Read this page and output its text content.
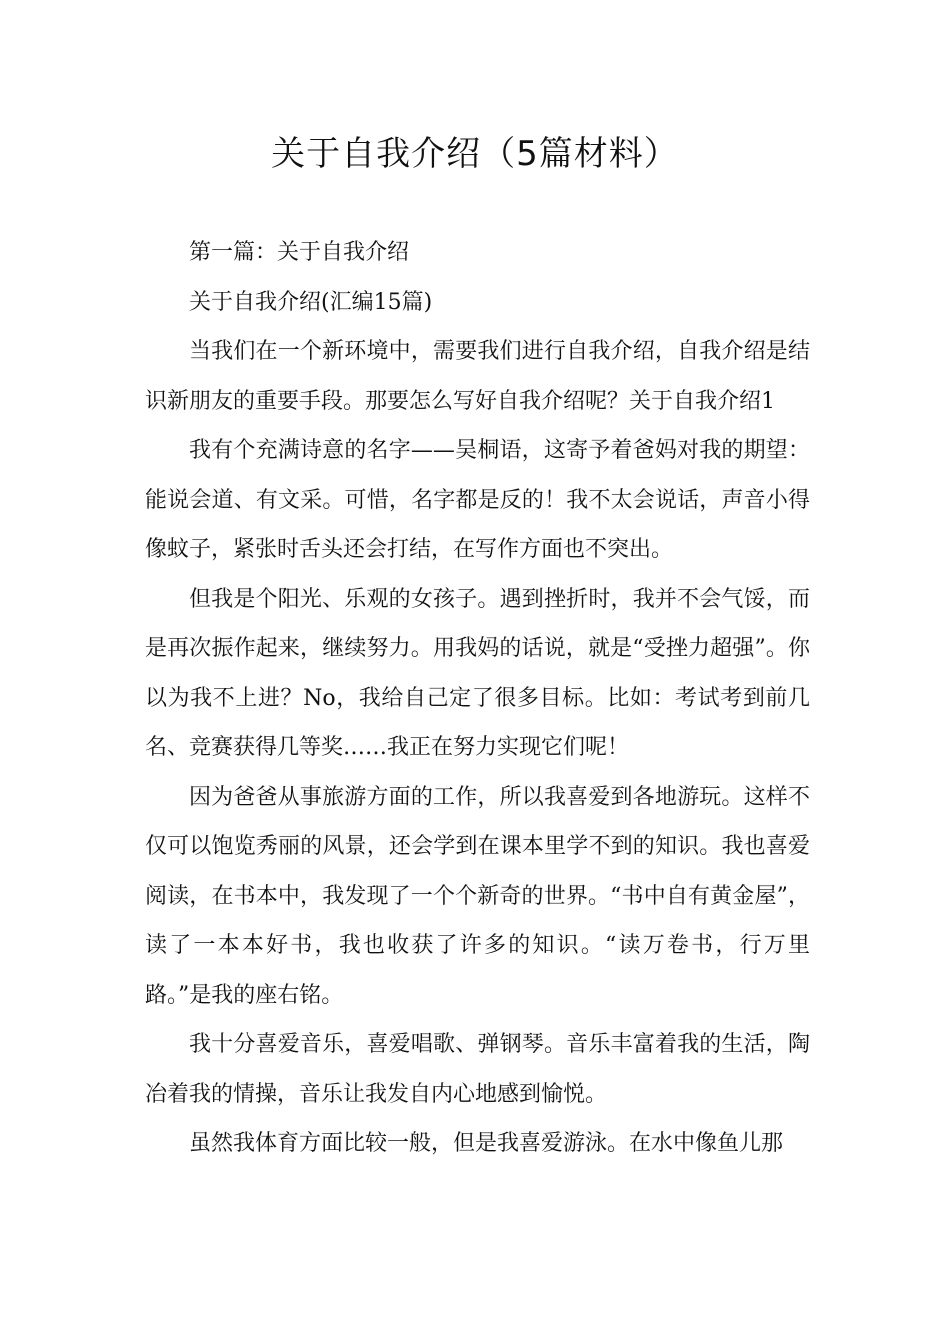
关于自我介绍（5篇材料）

第一篇：关于自我介绍

关于自我介绍(汇编15篇)

当我们在一个新环境中，需要我们进行自我介绍，自我介绍是结识新朋友的重要手段。那要怎么写好自我介绍呢？关于自我介绍1

我有个充满诗意的名字——吴桐语，这寄予着爸妈对我的期望：能说会道、有文采。可惜，名字都是反的！我不太会说话，声音小得像蚊子，紧张时舌头还会打结，在写作方面也不突出。

但我是个阳光、乐观的女孩子。遇到挫折时，我并不会气馁，而是再次振作起来，继续努力。用我妈的话说，就是“受挫力超强”。你以为我不上进？No，我给自己定了很多目标。比如：考试考到前几名、竞赛获得几等奖……我正在努力实现它们呢！

因为爸爸从事旅游方面的工作，所以我喜爱到各地游玩。这样不仅可以饱览秀丽的风景，还会学到在课本里学不到的知识。我也喜爱阅读，在书本中，我发现了一个个新奇的世界。“书中自有黄金屋”，读了一本本好书，我也收获了许多的知识。“读万卷书，行万里路。”是我的座右铭。

我十分喜爱音乐，喜爱唱歌、弹钢琴。音乐丰富着我的生活，陶冶着我的情操，音乐让我发自内心地感到愉悦。

虽然我体育方面比较一般，但是我喜爱游泳。在水中像鱼儿那
